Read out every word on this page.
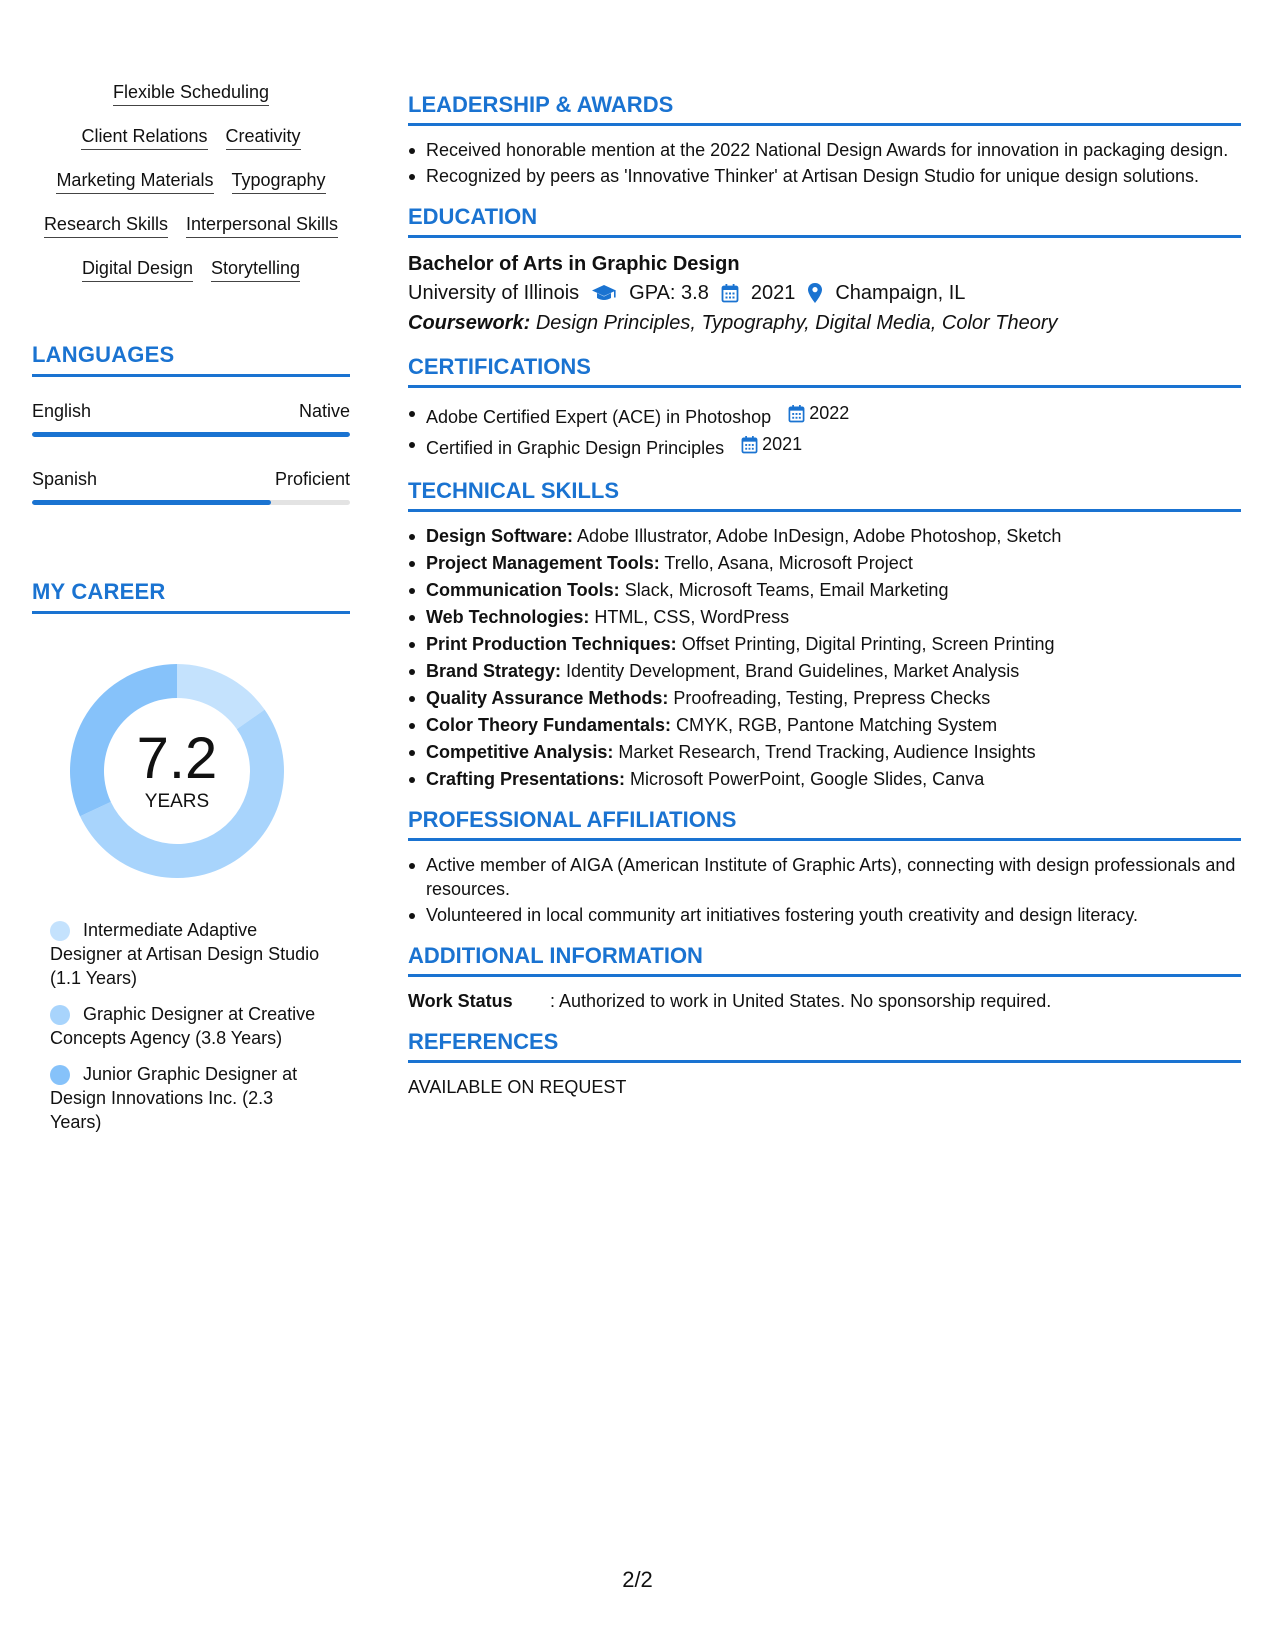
Flexible Scheduling
Client Relations Creativity
Marketing Materials Typography
Research Skills Interpersonal Skills
Digital Design Storytelling
LANGUAGES
English	Native
Spanish	Proficient
MY CAREER
7.2
YEARS
Intermediate Adaptive Designer at Artisan Design Studio (1.1 Years)
Graphic Designer at Creative Concepts Agency (3.8 Years)
Junior Graphic Designer at Design Innovations Inc. (2.3 Years)
LEADERSHIP & AWARDS
Received honorable mention at the 2022 National Design Awards for innovation in packaging design.
Recognized by peers as 'Innovative Thinker' at Artisan Design Studio for unique design solutions.
EDUCATION
Bachelor of Arts in Graphic Design
University of Illinois	GPA: 3.8 2021 Champaign, IL
Coursework: Design Principles, Typography, Digital Media, Color Theory
CERTIFICATIONS
Adobe Certified Expert (ACE) in Photoshop 2022
Certified in Graphic Design Principles 2021
TECHNICAL SKILLS
Design Software: Adobe Illustrator, Adobe InDesign, Adobe Photoshop, Sketch
Project Management Tools: Trello, Asana, Microsoft Project
Communication Tools: Slack, Microsoft Teams, Email Marketing
Web Technologies: HTML, CSS, WordPress
Print Production Techniques: Offset Printing, Digital Printing, Screen Printing
Brand Strategy: Identity Development, Brand Guidelines, Market Analysis
Quality Assurance Methods: Proofreading, Testing, Prepress Checks
Color Theory Fundamentals: CMYK, RGB, Pantone Matching System
Competitive Analysis: Market Research, Trend Tracking, Audience Insights
Crafting Presentations: Microsoft PowerPoint, Google Slides, Canva
PROFESSIONAL AFFILIATIONS
Active member of AIGA (American Institute of Graphic Arts), connecting with design professionals and resources.
Volunteered in local community art initiatives fostering youth creativity and design literacy.
ADDITIONAL INFORMATION
Work Status	: Authorized to work in United States. No sponsorship required.
REFERENCES
AVAILABLE ON REQUEST
2/2
